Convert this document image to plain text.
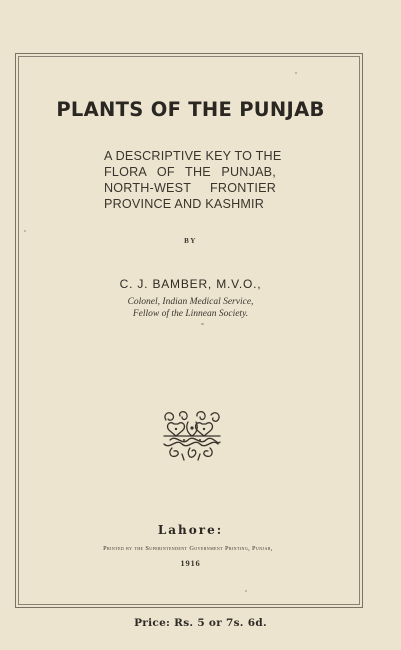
PLANTS OF THE PUNJAB
A DESCRIPTIVE KEY TO THE
FLORA OF THE PUNJAB,
NORTH-WEST FRONTIER
PROVINCE AND KASHMIR
BY
C. J. BAMBER, M.V.O.,
Colonel, Indian Medical Service,
Fellow of the Linnean Society.
Lahore:
Printed by the Superintendent Government Printing, Punjab,
1916
Price: Rs. 5 or 7s. 6d.
